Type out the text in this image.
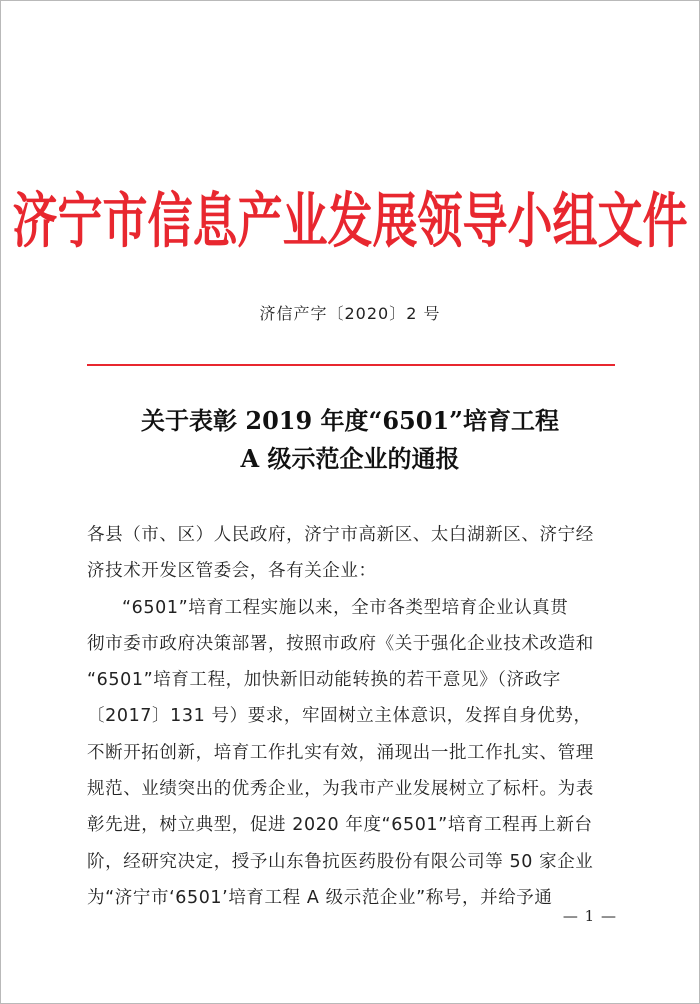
济宁市信息产业发展领导小组文件
济信产字〔2020〕2 号
关于表彰 2019 年度“6501”培育工程
A 级示范企业的通报
各县（市、区）人民政府，济宁市高新区、太白湖新区、济宁经
济技术开发区管委会，各有关企业：
“6501”培育工程实施以来，全市各类型培育企业认真贯
彻市委市政府决策部署，按照市政府《关于强化企业技术改造和
“6501”培育工程，加快新旧动能转换的若干意见》（济政字
〔2017〕131 号）要求，牢固树立主体意识，发挥自身优势，
不断开拓创新，培育工作扎实有效，涌现出一批工作扎实、管理
规范、业绩突出的优秀企业，为我市产业发展树立了标杆。为表
彰先进，树立典型，促进 2020 年度“6501”培育工程再上新台
阶，经研究决定，授予山东鲁抗医药股份有限公司等 50 家企业
为“济宁市‘6501’培育工程 A 级示范企业”称号，并给予通
— 1 —
